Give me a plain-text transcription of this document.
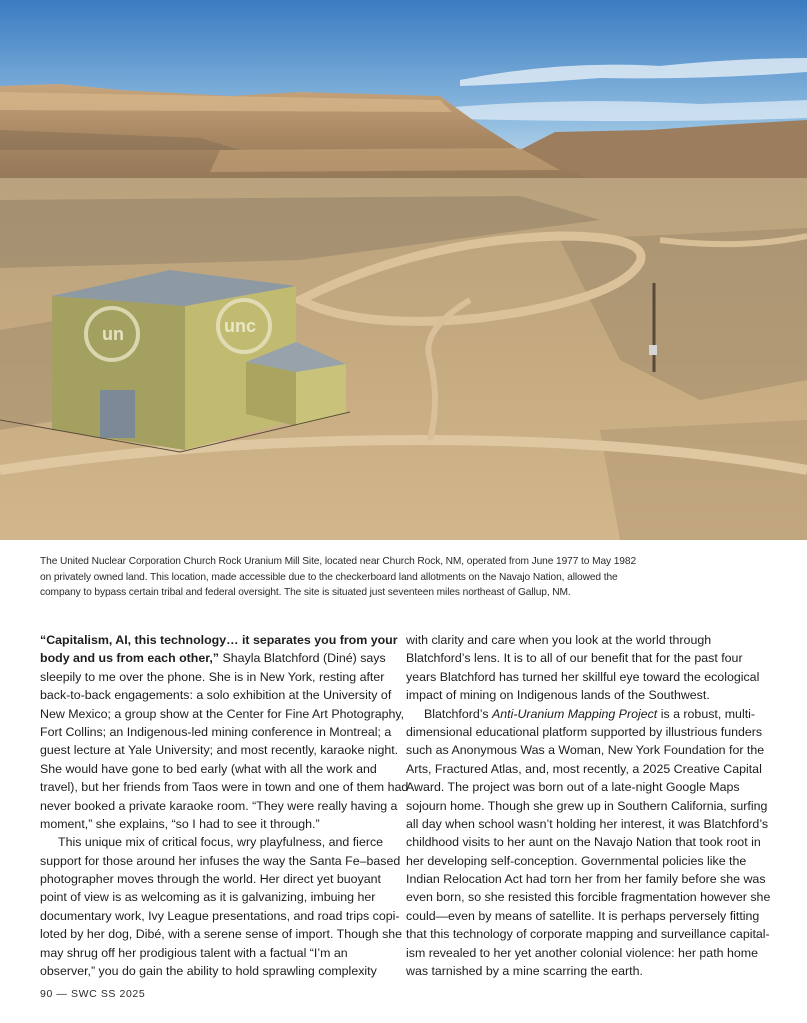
un	unc
The United Nuclear Corporation Church Rock Uranium Mill Site, located near Church Rock, NM, operated from June 1977 to May 1982
on privately owned land. This location, made accessible due to the checkerboard land allotments on the Navajo Nation, allowed the
company to bypass certain tribal and federal oversight. The site is situated just seventeen miles northeast of Gallup, NM.
“Capitalism, AI, this technology… it separates you from your
body and us from each other,” Shayla Blatchford (Diné) says
sleepily to me over the phone. She is in New York, resting after
back-to-back engagements: a solo exhibition at the University of
New Mexico; a group show at the Center for Fine Art Photography,
Fort Collins; an Indigenous-led mining conference in Montreal; a
guest lecture at Yale University; and most recently, karaoke night.
She would have gone to bed early (what with all the work and
travel), but her friends from Taos were in town and one of them had
never booked a private karaoke room. “They were really having a
moment,” she explains, “so I had to see it through.”
This unique mix of critical focus, wry playfulness, and fierce
support for those around her infuses the way the Santa Fe–based
photographer moves through the world. Her direct yet buoyant
point of view is as welcoming as it is galvanizing, imbuing her
documentary work, Ivy League presentations, and road trips copi-
loted by her dog, Dibé, with a serene sense of import. Though she
may shrug off her prodigious talent with a factual “I’m an
observer,” you do gain the ability to hold sprawling complexity
with clarity and care when you look at the world through
Blatchford’s lens. It is to all of our benefit that for the past four
years Blatchford has turned her skillful eye toward the ecological
impact of mining on Indigenous lands of the Southwest.
Blatchford’s Anti-Uranium Mapping Project is a robust, multi-
dimensional educational platform supported by illustrious funders
such as Anonymous Was a Woman, New York Foundation for the
Arts, Fractured Atlas, and, most recently, a 2025 Creative Capital
Award. The project was born out of a late-night Google Maps
sojourn home. Though she grew up in Southern California, surfing
all day when school wasn’t holding her interest, it was Blatchford’s
childhood visits to her aunt on the Navajo Nation that took root in
her developing self-conception. Governmental policies like the
Indian Relocation Act had torn her from her family before she was
even born, so she resisted this forcible fragmentation however she
could—even by means of satellite. It is perhaps perversely fitting
that this technology of corporate mapping and surveillance capital-
ism revealed to her yet another colonial violence: her path home
was tarnished by a mine scarring the earth.
90 — SWC SS 2025
